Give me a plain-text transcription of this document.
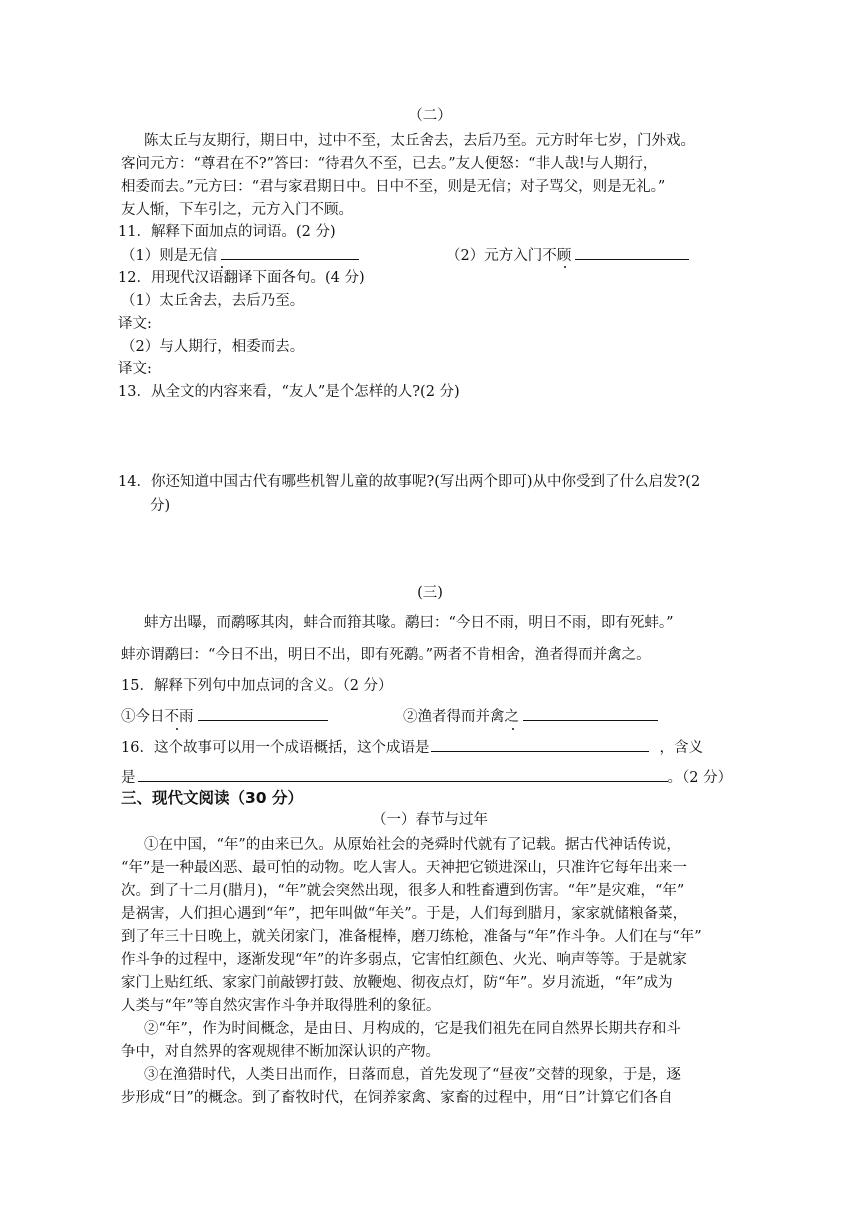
（二）
陈太丘与友期行，期日中，过中不至，太丘舍去，去后乃至。元方时年七岁，门外戏。
客问元方：“尊君在不?”答曰：“待君久不至，已去。”友人便怒：“非人哉!与人期行，
相委而去。”元方曰：“君与家君期日中。日中不至，则是无信；对子骂父，则是无礼。”
友人惭，下车引之，元方入门不顾。
11．解释下面加点的词语。(2 分)
（1）则是无信	（2）元方入门不顾
12．用现代汉语翻译下面各句。(4 分)
（1）太丘舍去，去后乃至。
译文:
（2）与人期行，相委而去。
译文:
13．从全文的内容来看，“友人”是个怎样的人?(2 分)
14．你还知道中国古代有哪些机智儿童的故事呢?(写出两个即可)从中你受到了什么启发?(2
分)
(三)
蚌方出曝，而鹬啄其肉，蚌合而箝其喙。鹬曰：“今日不雨，明日不雨，即有死蚌。”
蚌亦谓鹬曰：“今日不出，明日不出，即有死鹬。”两者不肯相舍，渔者得而并禽之。
15．解释下列句中加点词的含义。（2 分）
①今日不雨	②渔者得而并禽之
16．这个故事可以用一个成语概括，这个成语是	，含义
是	。（2 分）
三、现代文阅读（30 分）
（一）春节与过年
①在中国，“年”的由来已久。从原始社会的尧舜时代就有了记载。据古代神话传说，
“年”是一种最凶恶、最可怕的动物。吃人害人。天神把它锁进深山，只准许它每年出来一
次。到了十二月(腊月)，“年”就会突然出现，很多人和牲畜遭到伤害。“年”是灾难，“年”
是祸害，人们担心遇到“年”，把年叫做“年关”。于是，人们每到腊月，家家就储粮备菜，
到了年三十日晚上，就关闭家门，准备棍棒，磨刀练枪，准备与“年”作斗争。人们在与“年”
作斗争的过程中，逐渐发现“年”的许多弱点，它害怕红颜色、火光、响声等等。于是就家
家门上贴红纸、家家门前敲锣打鼓、放鞭炮、彻夜点灯，防“年”。岁月流逝，“年”成为
人类与“年”等自然灾害作斗争并取得胜利的象征。
②“年”，作为时间概念，是由日、月构成的，它是我们祖先在同自然界长期共存和斗
争中，对自然界的客观规律不断加深认识的产物。
③在渔猎时代，人类日出而作，日落而息，首先发现了“昼夜”交替的现象，于是，逐
步形成“日”的概念。到了畜牧时代，在饲养家禽、家畜的过程中，用“日”计算它们各自
